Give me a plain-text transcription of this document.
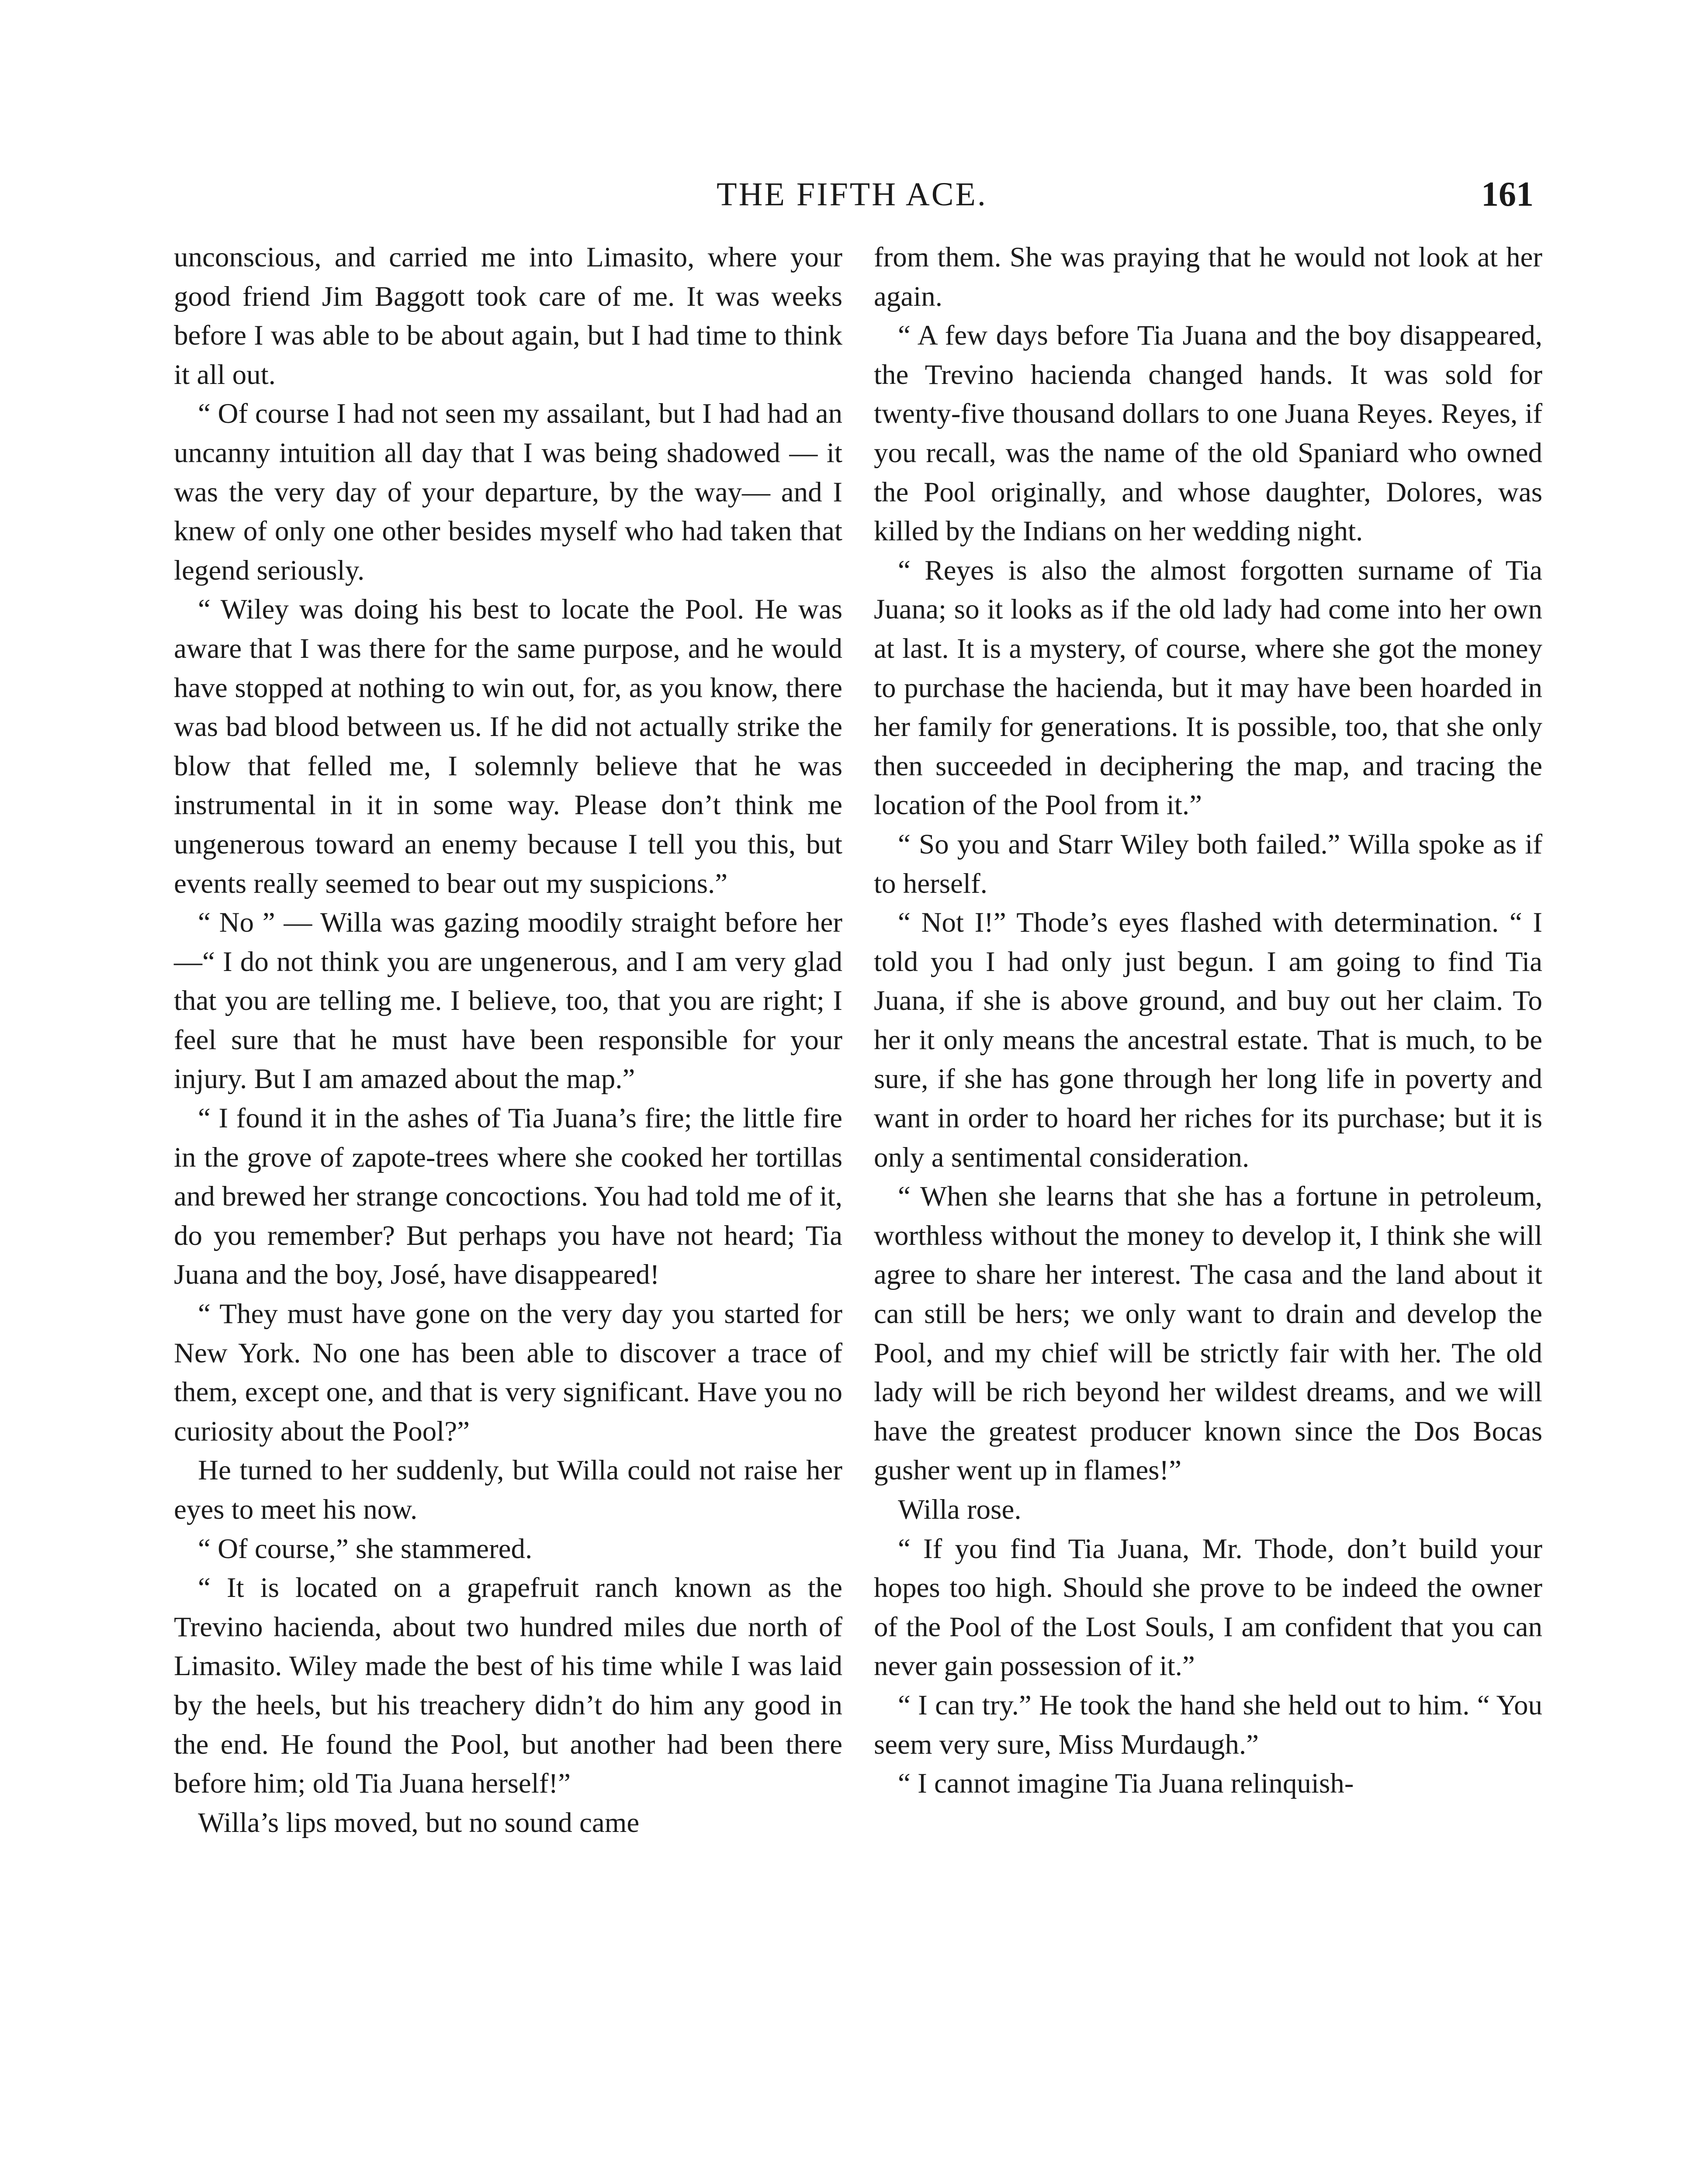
THE FIFTH ACE.	161

unconscious, and carried me into Limasito, where your good friend Jim Baggott took care of me. It was weeks before I was able to be about again, but I had time to think it all out.

“ Of course I had not seen my assailant, but I had had an uncanny intuition all day that I was being shadowed — it was the very day of your departure, by the way— and I knew of only one other besides myself who had taken that legend seriously.

“ Wiley was doing his best to locate the Pool. He was aware that I was there for the same purpose, and he would have stopped at nothing to win out, for, as you know, there was bad blood between us. If he did not actually strike the blow that felled me, I solemnly believe that he was instrumental in it in some way. Please don’t think me ungenerous toward an enemy because I tell you this, but events really seemed to bear out my suspicions.”

“ No ” — Willa was gazing moodily straight before her—“ I do not think you are ungenerous, and I am very glad that you are telling me. I believe, too, that you are right; I feel sure that he must have been responsible for your injury. But I am amazed about the map.”

“ I found it in the ashes of Tia Juana’s fire; the little fire in the grove of zapote-trees where she cooked her tortillas and brewed her strange concoctions. You had told me of it, do you remember? But perhaps you have not heard; Tia Juana and the boy, José, have disappeared!

“ They must have gone on the very day you started for New York. No one has been able to discover a trace of them, except one, and that is very significant. Have you no curiosity about the Pool?”

He turned to her suddenly, but Willa could not raise her eyes to meet his now.

“ Of course,” she stammered.

“ It is located on a grapefruit ranch known as the Trevino hacienda, about two hundred miles due north of Limasito. Wiley made the best of his time while I was laid by the heels, but his treachery didn’t do him any good in the end. He found the Pool, but another had been there before him; old Tia Juana herself!”

Willa’s lips moved, but no sound came

from them. She was praying that he would not look at her again.

“ A few days before Tia Juana and the boy disappeared, the Trevino hacienda changed hands. It was sold for twenty-five thousand dollars to one Juana Reyes. Reyes, if you recall, was the name of the old Spaniard who owned the Pool originally, and whose daughter, Dolores, was killed by the Indians on her wedding night.

“ Reyes is also the almost forgotten surname of Tia Juana; so it looks as if the old lady had come into her own at last. It is a mystery, of course, where she got the money to purchase the hacienda, but it may have been hoarded in her family for generations. It is possible, too, that she only then succeeded in deciphering the map, and tracing the location of the Pool from it.”

“ So you and Starr Wiley both failed.” Willa spoke as if to herself.

“ Not I!” Thode’s eyes flashed with determination. “ I told you I had only just begun. I am going to find Tia Juana, if she is above ground, and buy out her claim. To her it only means the ancestral estate. That is much, to be sure, if she has gone through her long life in poverty and want in order to hoard her riches for its purchase; but it is only a sentimental consideration.

“ When she learns that she has a fortune in petroleum, worthless without the money to develop it, I think she will agree to share her interest. The casa and the land about it can still be hers; we only want to drain and develop the Pool, and my chief will be strictly fair with her. The old lady will be rich beyond her wildest dreams, and we will have the greatest producer known since the Dos Bocas gusher went up in flames!”

Willa rose.

“ If you find Tia Juana, Mr. Thode, don’t build your hopes too high. Should she prove to be indeed the owner of the Pool of the Lost Souls, I am confident that you can never gain possession of it.”

“ I can try.” He took the hand she held out to him. “ You seem very sure, Miss Murdaugh.”

“ I cannot imagine Tia Juana relinquish-
